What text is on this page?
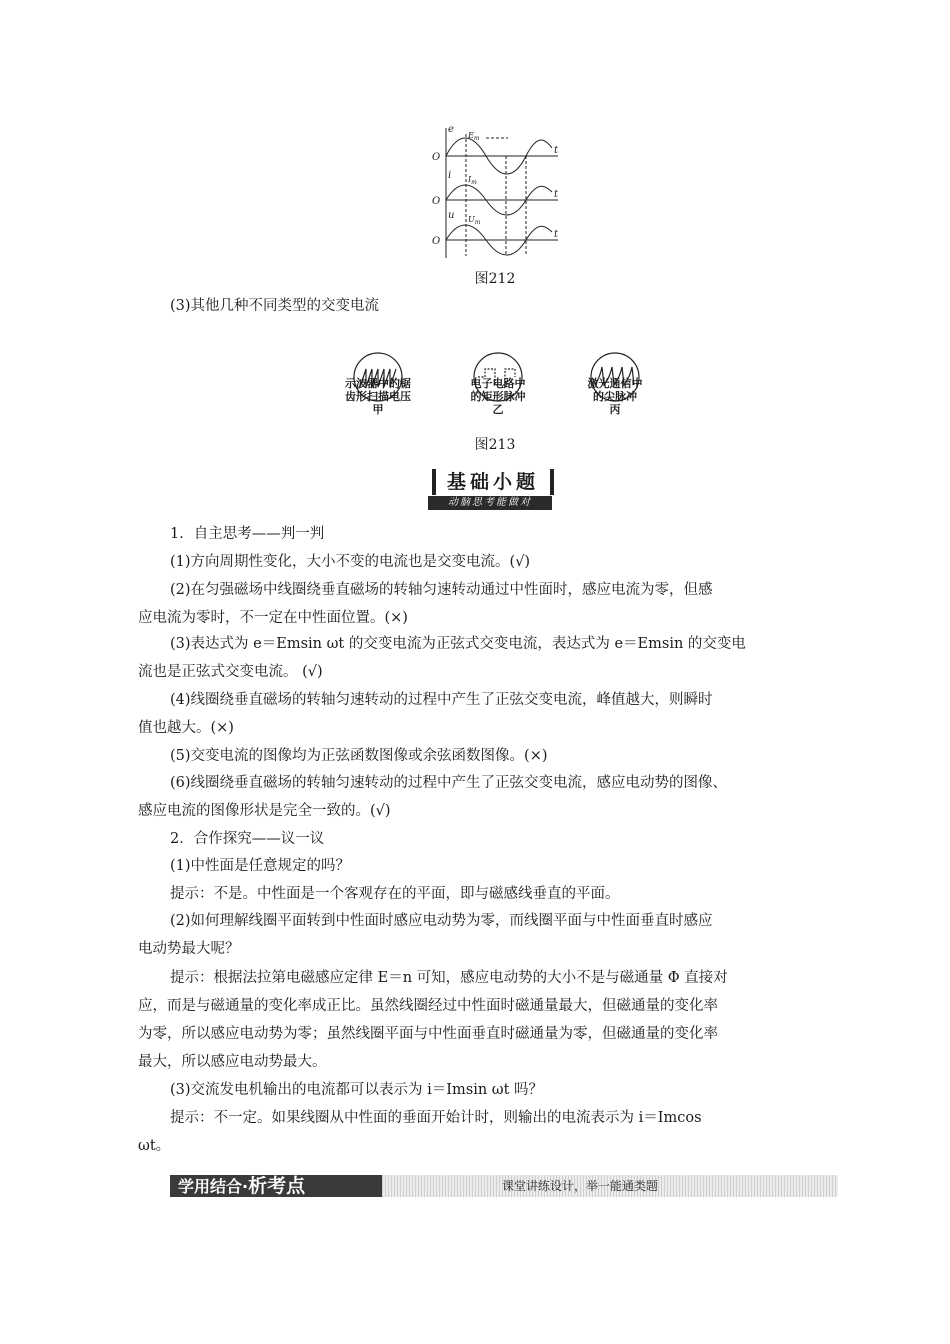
e
i
u
$E_m$
$I_m$
$U_m$
O
O
O
t
t
t
图212
(3)其他几种不同类型的交变电流
示波器中的锯
齿形扫描电压
甲
电子电路中
的矩形脉冲
乙
激光通信中
的尖脉冲
丙
图213
基础小题
动脑思考能做对
1．自主思考——判一判
(1)方向周期性变化，大小不变的电流也是交变电流。(√)
(2)在匀强磁场中线圈绕垂直磁场的转轴匀速转动通过中性面时，感应电流为零，但感
应电流为零时，不一定在中性面位置。(×)
(3)表达式为 e＝Emsin ωt 的交变电流为正弦式交变电流，表达式为 e＝Emsin 的交变电
流也是正弦式交变电流。 (√)
(4)线圈绕垂直磁场的转轴匀速转动的过程中产生了正弦交变电流，峰值越大，则瞬时
值也越大。(×)
(5)交变电流的图像均为正弦函数图像或余弦函数图像。(×)
(6)线圈绕垂直磁场的转轴匀速转动的过程中产生了正弦交变电流，感应电动势的图像、
感应电流的图像形状是完全一致的。(√)
2．合作探究——议一议
(1)中性面是任意规定的吗？
提示：不是。中性面是一个客观存在的平面，即与磁感线垂直的平面。
(2)如何理解线圈平面转到中性面时感应电动势为零，而线圈平面与中性面垂直时感应
电动势最大呢？
提示：根据法拉第电磁感应定律 E＝n 可知，感应电动势的大小不是与磁通量 Φ 直接对
应，而是与磁通量的变化率成正比。虽然线圈经过中性面时磁通量最大，但磁通量的变化率
为零，所以感应电动势为零；虽然线圈平面与中性面垂直时磁通量为零，但磁通量的变化率
最大，所以感应电动势最大。
(3)交流发电机输出的电流都可以表示为 i＝Imsin ωt 吗？
提示：不一定。如果线圈从中性面的垂面开始计时，则输出的电流表示为 i＝Imcos
ωt。
学用结合·析考点	课堂讲练设计，举一能通类题
